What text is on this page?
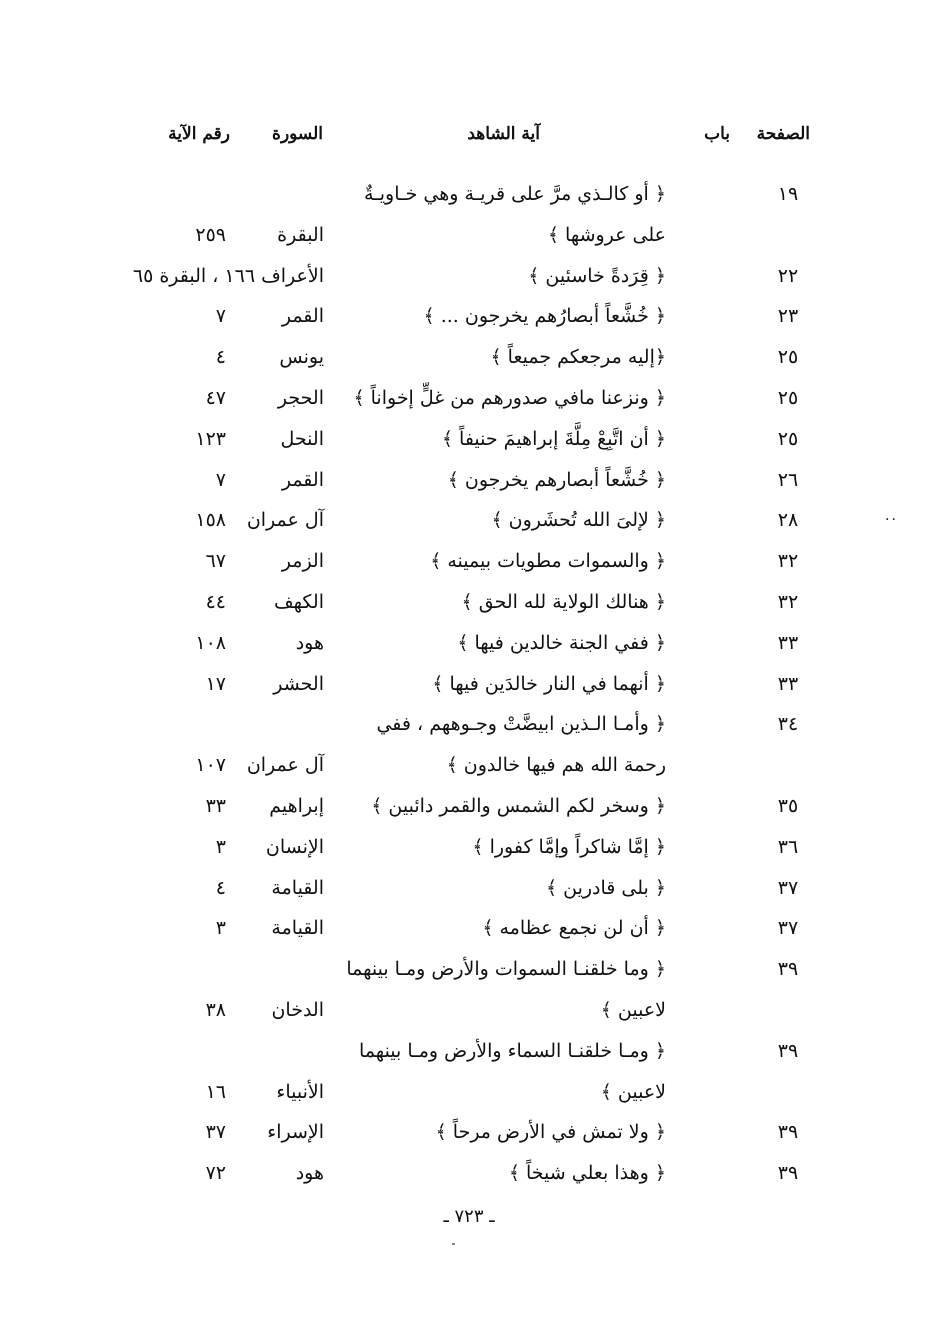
الصفحة
باب
آية الشاهد
السورة
رقم الآية
١٩
﴿ أو كالـذي مرَّ على قريـة وهي خـاويـةٌ
على عروشها ﴾
البقرة
٢٥٩
٢٢
﴿ قِرَدةً خاسئين ﴾
الأعراف ١٦٦ ، البقرة ٦٥
٢٣
﴿ خُشَّعاً أبصارُهم يخرجون ... ﴾
القمر
٧
٢٥
﴿إليه مرجعكم جميعاً ﴾
يونس
٤
٢٥
﴿ ونزعنا مافي صدورهم من غلٍّ إخواناً ﴾
الحجر
٤٧
٢٥
﴿ أن اتَّبِعْ مِلَّةَ إبراهيمَ حنيفاً ﴾
النحل
١٢٣
٢٦
﴿ خُشَّعاً أبصارهم يخرجون ﴾
القمر
٧
٢٨
﴿ لإلىَ الله تُحشَرون ﴾
آل عمران
١٥٨
٣٢
﴿ والسموات مطويات بيمينه ﴾
الزمر
٦٧
٣٢
﴿ هنالك الولاية لله الحق ﴾
الكهف
٤٤
٣٣
﴿ ففي الجنة خالدين فيها ﴾
هود
١٠٨
٣٣
﴿ أنهما في النار خالدَين فيها ﴾
الحشر
١٧
٣٤
﴿ وأمـا الـذين ابيضَّتْ وجـوههم ، ففي
رحمة الله هم فيها خالدون ﴾
آل عمران
١٠٧
٣٥
﴿ وسخر لكم الشمس والقمر دائبين ﴾
إبراهيم
٣٣
٣٦
﴿ إمَّا شاكراً وإمَّا كفورا ﴾
الإنسان
٣
٣٧
﴿ بلى قادرين ﴾
القيامة
٤
٣٧
﴿ أن لن نجمع عظامه ﴾
القيامة
٣
٣٩
﴿ وما خلقنـا السموات والأرض ومـا بينهما
لاعبين ﴾
الدخان
٣٨
٣٩
﴿ ومـا خلقنـا السماء والأرض ومـا بينهما
لاعبين ﴾
الأنبياء
١٦
٣٩
﴿ ولا تمش في الأرض مرحاً ﴾
الإسراء
٣٧
٣٩
﴿ وهذا بعلي شيخاً ﴾
هود
٧٢
..
ـ ٧٢٣ ـ
